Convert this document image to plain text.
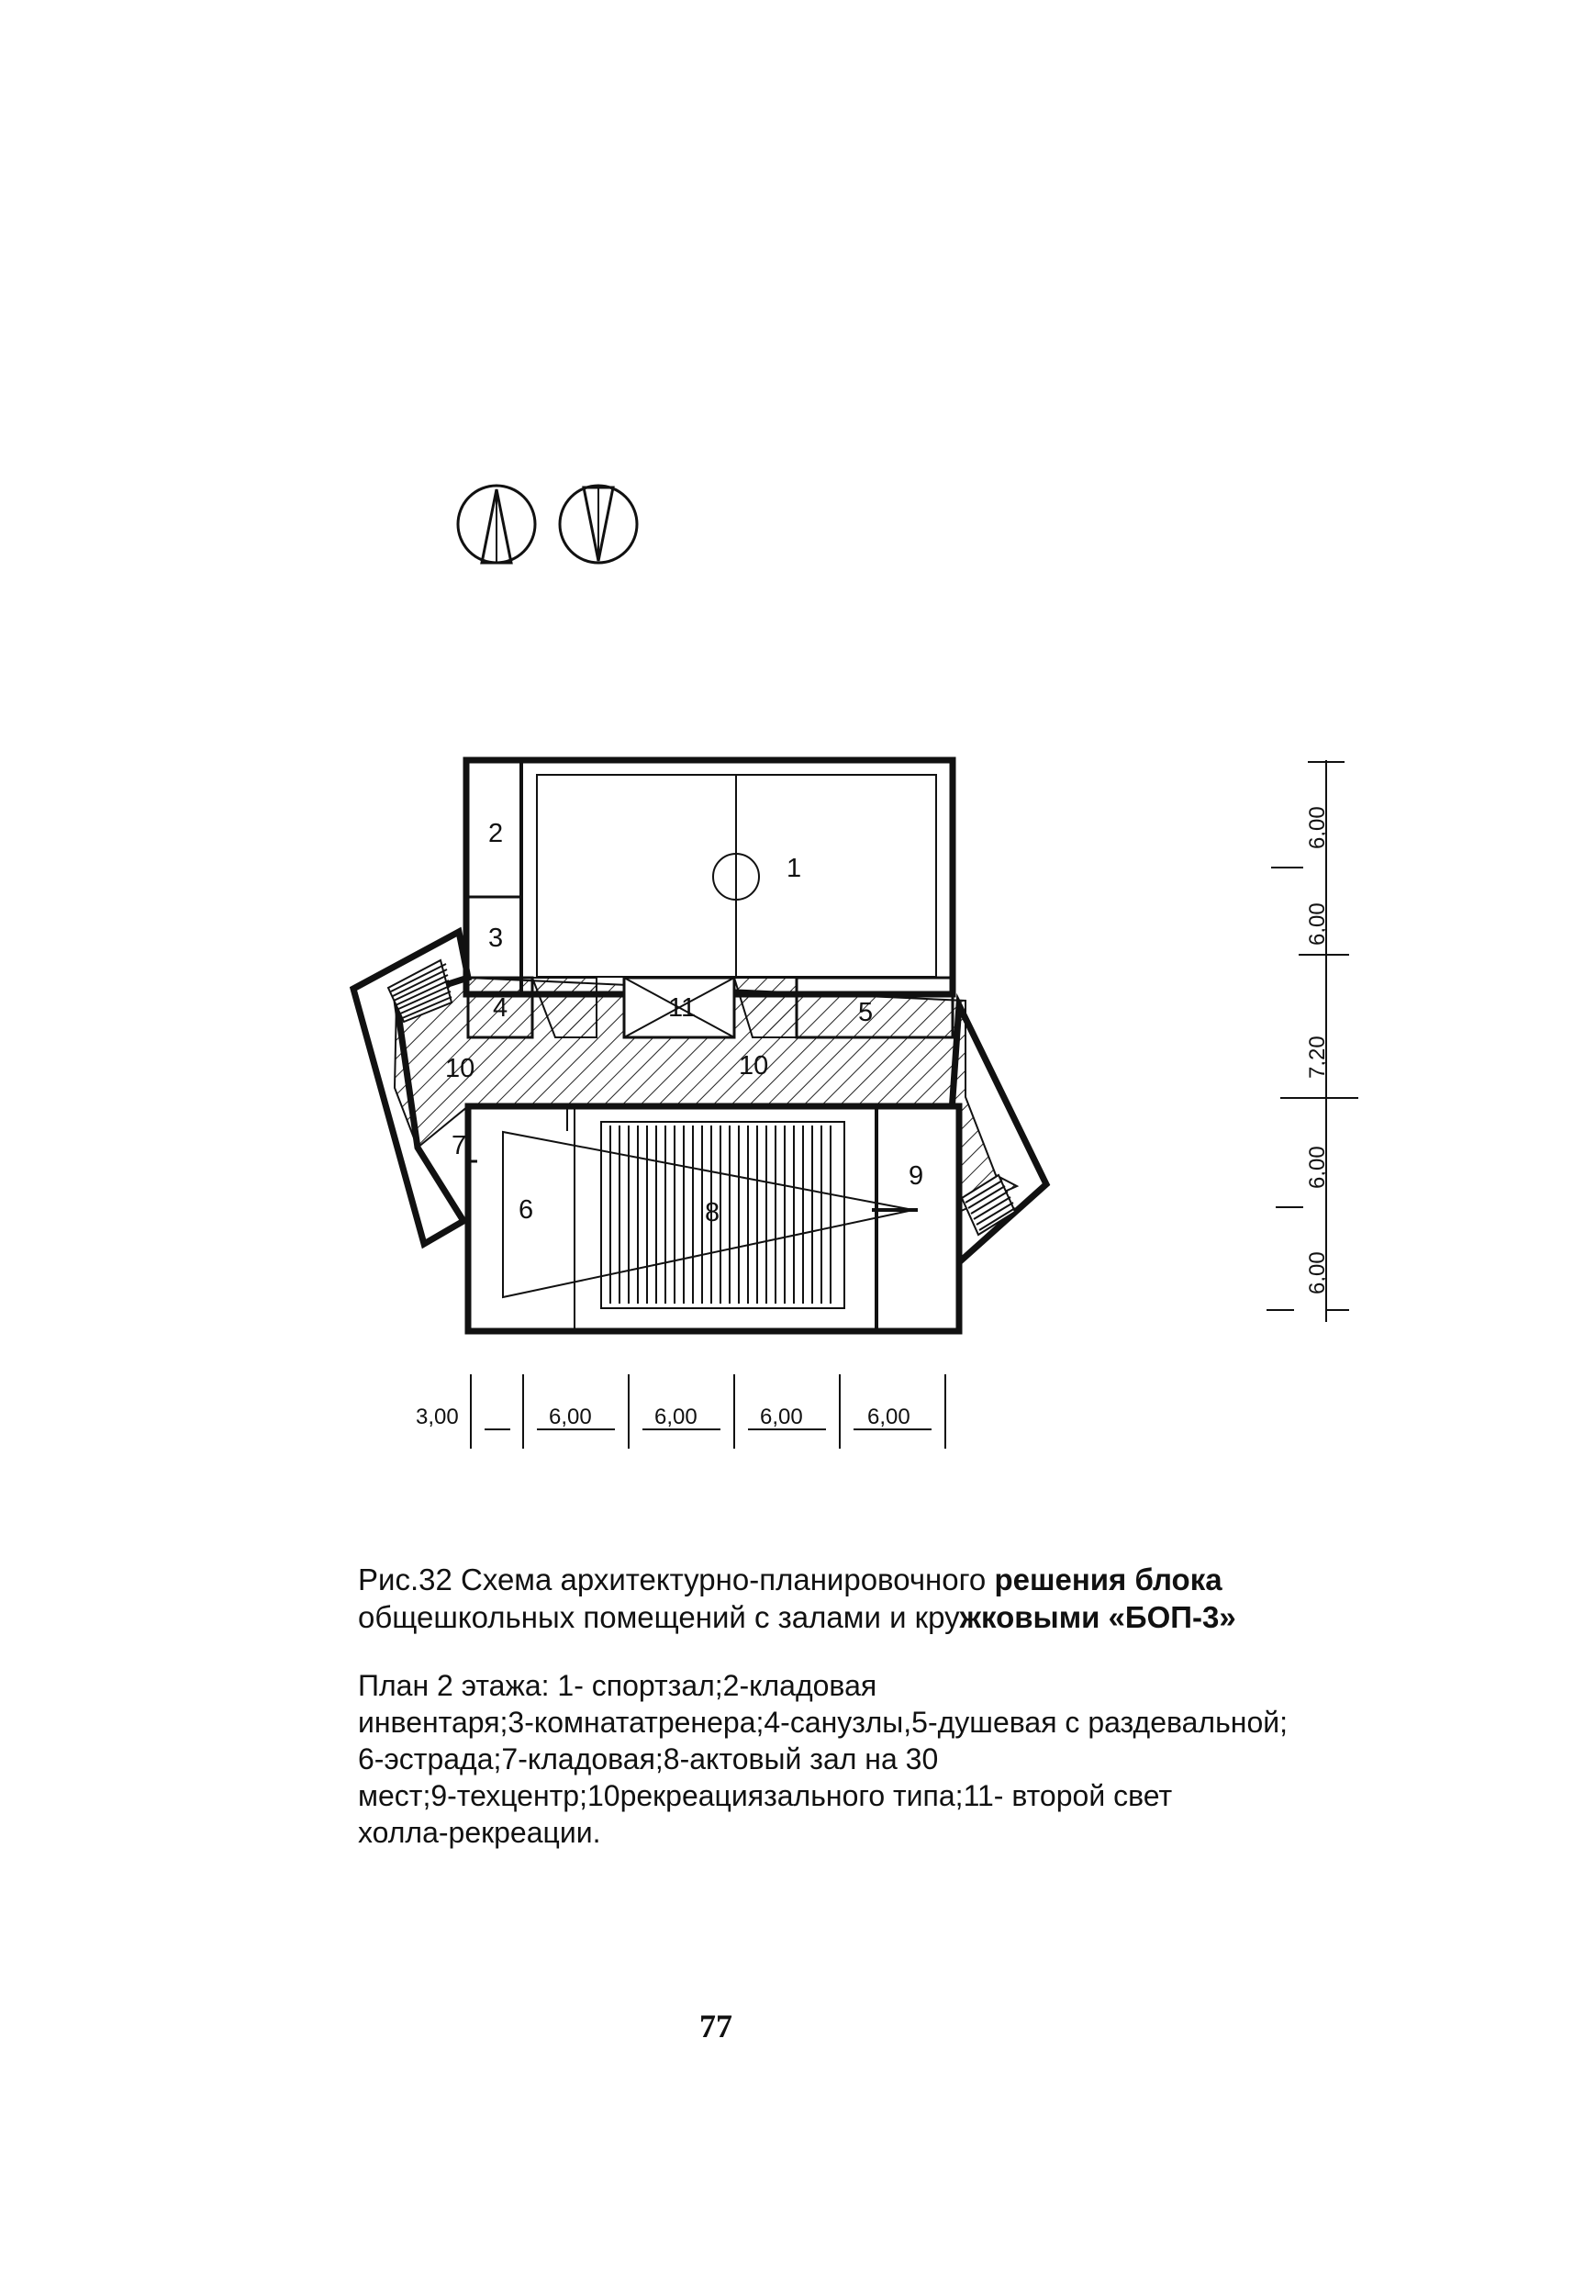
1
2
3
4	5
6
7
8
9
10	10
11
3,00	6,00	6,00	6,00	6,00
6,00
6,00
7,20
6,00
6,00

Рис.32 Схема архитектурно-планировочного решения блока
общешкольных помещений с залами и кружковыми «БОП-3»

План 2 этажа: 1- спортзал;2-кладовая
инвентаря;3-комнататренера;4-санузлы,5-душевая с раздевальной;
6-эстрада;7-кладовая;8-актовый зал на 30
мест;9-техцентр;10рекреациязального типа;11- второй свет
холла-рекреации.

77
